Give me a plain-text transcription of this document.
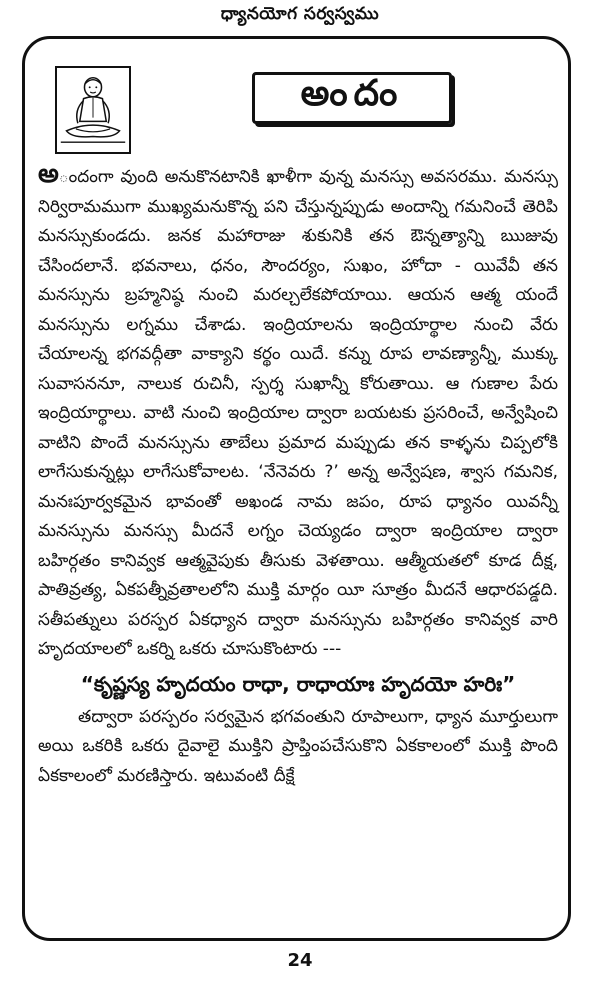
ధ్యానయోగ సర్వస్వము
అందం

అందంగా వుంది అనుకొనటానికి ఖాళీగా వున్న మనస్సు అవసరము. మనస్సు నిర్విరామముగా ముఖ్యమనుకొన్న పని చేస్తున్నప్పుడు అందాన్ని గమనించే తెరిపి మనస్సుకుండదు. జనక మహారాజు శుకునికి తన ఔన్నత్యాన్ని ఋజువు చేసిందలానే. భవనాలు, ధనం, సౌందర్యం, సుఖం, హోదా - యివేవీ తన మనస్సును బ్రహ్మనిష్ఠ నుంచి మరల్చలేకపోయాయి. ఆయన ఆత్మ యందే మనస్సును లగ్నము చేశాడు. ఇంద్రియాలను ఇంద్రియార్థాల నుంచి వేరు చేయాలన్న భగవద్గీతా వాక్యాని కర్థం యిదే. కన్ను రూప లావణ్యాన్నీ, ముక్కు సువాసననూ, నాలుక రుచినీ, స్పర్శ సుఖాన్నీ కోరుతాయి. ఆ గుణాల పేరు ఇంద్రియార్థాలు. వాటి నుంచి ఇంద్రియాల ద్వారా బయటకు ప్రసరించే, అన్వేషించి వాటిని పొందే మనస్సును తాబేలు ప్రమాద మప్పుడు తన కాళ్ళను చిప్పలోకి లాగేసుకున్నట్లు లాగేసుకోవాలట. ‘నేనెవరు ?’ అన్న అన్వేషణ, శ్వాస గమనిక, మనఃపూర్వకమైన భావంతో అఖండ నామ జపం, రూప ధ్యానం యివన్నీ మనస్సును మనస్సు మీదనే లగ్నం చెయ్యడం ద్వారా ఇంద్రియాల ద్వారా బహిర్గతం కానివ్వక ఆత్మవైపుకు తీసుకు వెళతాయి. ఆత్మీయతలో కూడ దీక్ష, పాతివ్రత్య, ఏకపత్నీవ్రతాలలోని ముక్తి మార్గం యీ సూత్రం మీదనే ఆధారపడ్డది. సతీపత్నులు పరస్పర ఏకధ్యాన ద్వారా మనస్సును బహిర్గతం కానివ్వక వారి హృదయాలలో ఒకర్ని ఒకరు చూసుకొంటారు ---

“కృష్ణస్య హృదయం రాధా, రాధాయాః హృదయో హరిః”

తద్వారా పరస్పరం సర్వమైన భగవంతుని రూపాలుగా, ధ్యాన మూర్తులుగా అయి ఒకరికి ఒకరు దైవాలై ముక్తిని ప్రాప్తింపచేసుకొని ఏకకాలంలో ముక్తి పొంది ఏకకాలంలో మరణిస్తారు. ఇటువంటి దీక్షే

24
